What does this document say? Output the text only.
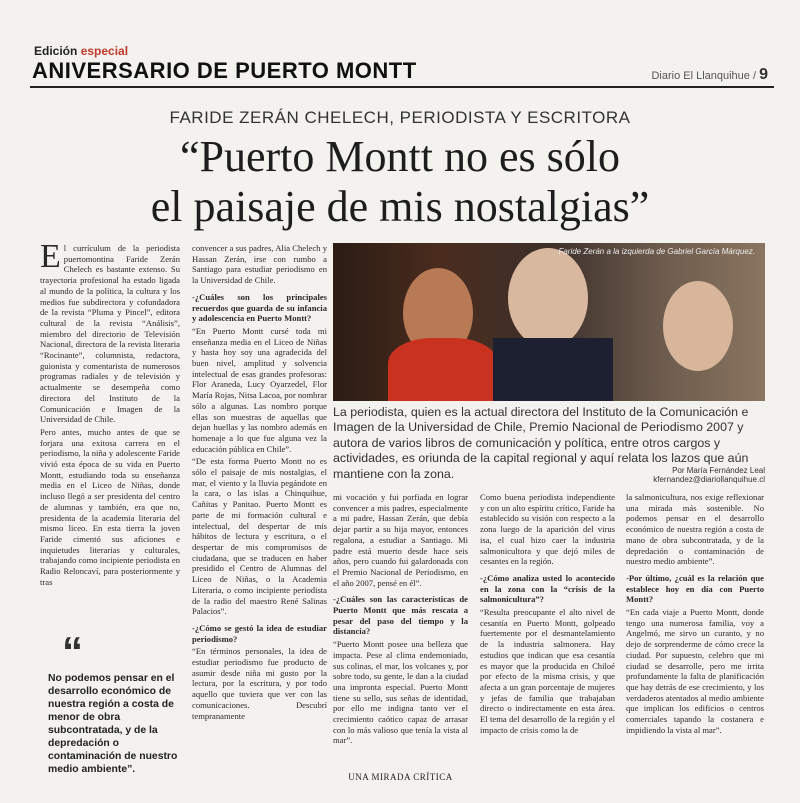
Edición especial
ANIVERSARIO DE PUERTO MONTT	Diario El Llanquihue / 9
FARIDE ZERÁN CHELECH, PERIODISTA Y ESCRITORA
“Puerto Montt no es sólo
el paisaje de mis nostalgias”
Faride Zerán a la izquierda de Gabriel García Márquez.
La periodista, quien es la actual directora del Instituto de la Comunicación e Imagen de la Universidad de Chile, Premio Nacional de Periodismo 2007 y autora de varios libros de comunicación y política, entre otros cargos y actividades, es oriunda de la capital regional y aquí relata los lazos que aún mantiene con la zona.	Por María Fernández Leal
kfernandez@diariollanquihue.cl

El currículum de la periodista puertomontina Faride Zerán Chelech es bastante extenso. Su trayectoria profesional ha estado ligada al mundo de la política, la cultura y los medios fue subdirectora y cofundadora de la revista “Pluma y Pincel”, editora cultural de la revista “Análisis”, miembro del directorio de Televisión Nacional, directora de la revista literaria “Rocinante”, columnista, redactora, guionista y comentarista de numerosos programas radiales y de televisión y actualmente se desempeña como directora del Instituto de la Comunicación e Imagen de la Universidad de Chile.

Pero antes, mucho antes de que se forjara una exitosa carrera en el periodismo, la niña y adolescente Faride vivió esta época de su vida en Puerto Montt, estudiando toda su enseñanza media en el Liceo de Niñas, donde incluso llegó a ser presidenta del centro de alumnas y también, era que no, presidenta de la academia literaria del mismo liceo. En esta tierra la joven Faride cimentó sus aficiones e inquietudes literarias y culturales, trabajando como incipiente periodista en Radio Reloncaví, para posteriormente y tras

“
No podemos pensar en el desarrollo económico de nuestra región a costa de menor de obra subcontratada, y de la depredación o contaminación de nuestro medio ambiente”.

convencer a sus padres, Alia Chelech y Hassan Zerán, irse con rumbo a Santiago para estudiar periodismo en la Universidad de Chile.

-¿Cuáles son los principales recuerdos que guarda de su infancia y adolescencia en Puerto Montt?

“En Puerto Montt cursé toda mi enseñanza media en el Liceo de Niñas y hasta hoy soy una agradecida del buen nivel, amplitud y solvencia intelectual de esas grandes profesoras: Flor Araneda, Lucy Oyarzedel, Flor María Rojas, Nitsa Lacoa, por nombrar sólo a algunas. Las nombro porque ellas son muestras de aquellas que dejan huellas y las nombro además en homenaje a lo que fue alguna vez la educación pública en Chile”.

“De esta forma Puerto Montt no es sólo el paisaje de mis nostalgias, el mar, el viento y la lluvia pegándote en la cara, o las islas a Chinquihue, Cañitas y Panitao. Puerto Montt es parte de mi formación cultural e intelectual, del despertar de mis hábitos de lectura y escritura, o el despertar de mis compromisos de ciudadana, que se traducen en haber presidido el Centro de Alumnas del Liceo de Niñas, o la Academia Literaria, o como incipiente periodista de la radio del maestro René Salinas Palacios”.

-¿Cómo se gestó la idea de estudiar periodismo?

“En términos personales, la idea de estudiar periodismo fue producto de asumir desde niña mi gusto por la lectura, por la escritura, y por todo aquello que tuviera que ver con las comunicaciones. Descubrí tempranamente

mi vocación y fui porfiada en lograr convencer a mis padres, especialmente a mi padre, Hassan Zerán, que debía dejar partir a su hija mayor, entonces regalona, a estudiar a Santiago. Mi padre está muerto desde hace seis años, pero cuando fui galardonada con el Premio Nacional de Periodismo, en el año 2007, pensé en él”.

-¿Cuáles son las características de Puerto Montt que más rescata a pesar del paso del tiempo y la distancia?

“Puerto Montt posee una belleza que impacta. Pese al clima endemoniado, sus colinas, el mar, los volcanes y, por sobre todo, su gente, le dan a la ciudad una impronta especial. Puerto Montt tiene su sello, sus señas de identidad, por ello me indigna tanto ver el crecimiento caótico capaz de arrasar con lo más valioso que tenía la vista al mar”.

UNA MIRADA CRÍTICA

Como buena periodista independiente y con un alto espíritu crítico, Faride ha establecido su visión con respecto a la zona luego de la aparición del virus isa, el cual hizo caer la industria salmonicultora y que dejó miles de cesantes en la región.

-¿Cómo analiza usted lo acontecido en la zona con la “crisis de la salmonicultura”?

“Resulta preocupante el alto nivel de cesantía en Puerto Montt, golpeado fuertemente por el desmantelamiento de la industria salmonera. Hay estudios que indican que esa cesantía es mayor que la producida en Chiloé por efecto de la misma crisis, y que afecta a un gran porcentaje de mujeres y jefas de familia que trabajaban directo o indirectamente en esta área. El tema del desarrollo de la región y el impacto de crisis como la de

la salmonicultura, nos exige reflexionar una mirada más sostenible. No podemos pensar en el desarrollo económico de nuestra región a costa de mano de obra subcontratada, y de la depredación o contaminación de nuestro medio ambiente”.

-Por último, ¿cuál es la relación que establece hoy en día con Puerto Montt?

“En cada viaje a Puerto Montt, donde tengo una numerosa familia, voy a Angelmó, me sirvo un curanto, y no dejo de sorprenderme de cómo crece la ciudad. Por supuesto, celebro que mi ciudad se desarrolle, pero me irrita profundamente la falta de planificación que hay detrás de ese crecimiento, y los verdaderos atentados al medio ambiente que implican los edificios o centros comerciales tapando la costanera e impidiendo la vista al mar”.
